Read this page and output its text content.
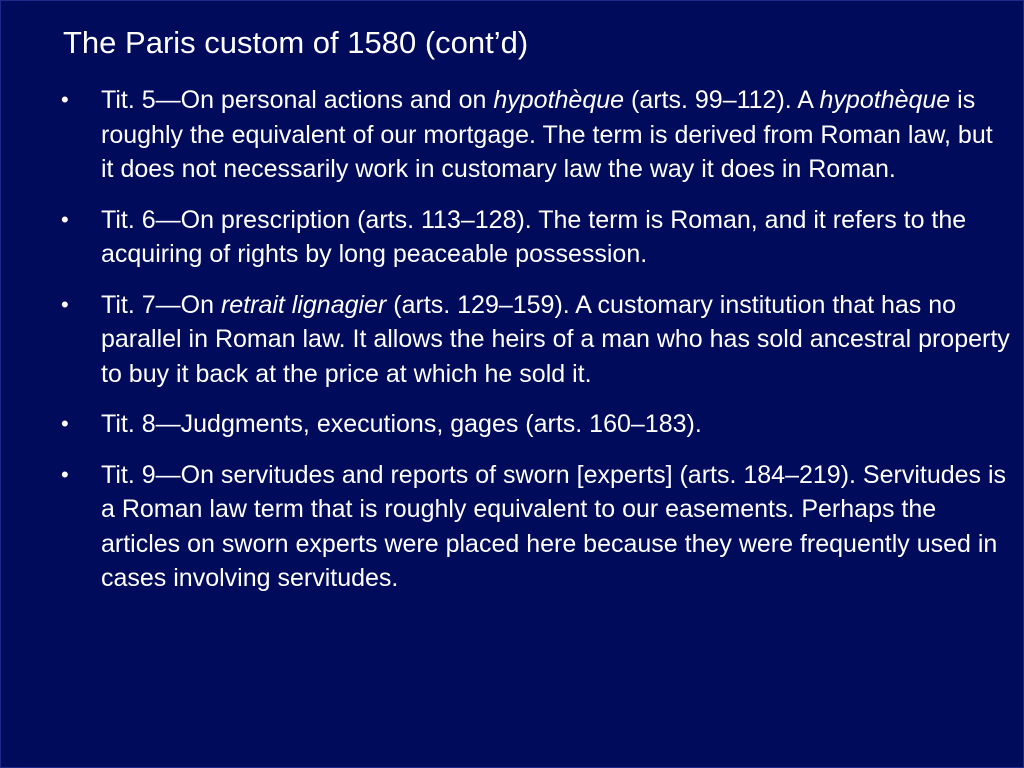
The Paris custom of 1580 (cont’d)
• Tit. 5—On personal actions and on hypothèque (arts. 99–112). A hypothèque is roughly the equivalent of our mortgage. The term is derived from Roman law, but it does not necessarily work in customary law the way it does in Roman.
• Tit. 6—On prescription (arts. 113–128). The term is Roman, and it refers to the acquiring of rights by long peaceable possession.
• Tit. 7—On retrait lignagier (arts. 129–159). A customary institution that has no parallel in Roman law. It allows the heirs of a man who has sold ancestral property to buy it back at the price at which he sold it.
• Tit. 8—Judgments, executions, gages (arts. 160–183).
• Tit. 9—On servitudes and reports of sworn [experts] (arts. 184–219). Servitudes is a Roman law term that is roughly equivalent to our easements. Perhaps the articles on sworn experts were placed here because they were frequently used in cases involving servitudes.
